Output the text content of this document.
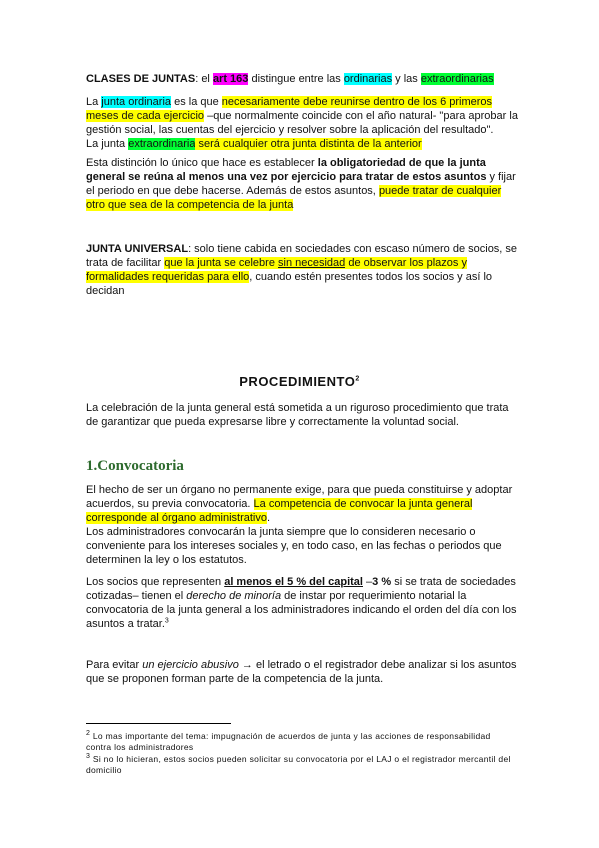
CLASES DE JUNTAS: el art 163 distingue entre las ordinarias y las extraordinarias

La junta ordinaria es la que necesariamente debe reunirse dentro de los 6 primeros meses de cada ejercicio –que normalmente coincide con el año natural- "para aprobar la gestión social, las cuentas del ejercicio y resolver sobre la aplicación del resultado".
La junta extraordinaria será cualquier otra junta distinta de la anterior

Esta distinción lo único que hace es establecer la obligatoriedad de que la junta general se reúna al menos una vez por ejercicio para tratar de estos asuntos y fijar el periodo en que debe hacerse. Además de estos asuntos, puede tratar de cualquier otro que sea de la competencia de la junta

JUNTA UNIVERSAL: solo tiene cabida en sociedades con escaso número de socios, se trata de facilitar que la junta se celebre sin necesidad de observar los plazos y formalidades requeridas para ello, cuando estén presentes todos los socios y así lo decidan

PROCEDIMIENTO$^2$

La celebración de la junta general está sometida a un riguroso procedimiento que trata de garantizar que pueda expresarse libre y correctamente la voluntad social.

1.Convocatoria

El hecho de ser un órgano no permanente exige, para que pueda constituirse y adoptar acuerdos, su previa convocatoria. La competencia de convocar la junta general corresponde al órgano administrativo.
Los administradores convocarán la junta siempre que lo consideren necesario o conveniente para los intereses sociales y, en todo caso, en las fechas o periodos que determinen la ley o los estatutos.

Los socios que representen al menos el 5 % del capital –3 % si se trata de sociedades cotizadas– tienen el derecho de minoría de instar por requerimiento notarial la convocatoria de la junta general a los administradores indicando el orden del día con los asuntos a tratar.$^3$

Para evitar un ejercicio abusivo → el letrado o el registrador debe analizar si los asuntos que se proponen forman parte de la competencia de la junta.

$^2$ Lo mas importante del tema: impugnación de acuerdos de junta y las acciones de responsabilidad contra los administradores

$^3$ Si no lo hicieran, estos socios pueden solicitar su convocatoria por el LAJ o el registrador mercantil del domicilio
